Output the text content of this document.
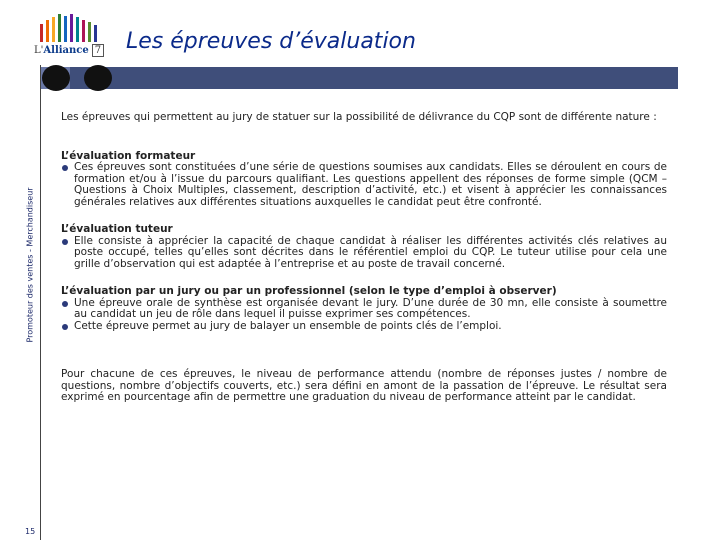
L'Alliance 7 Les épreuves d’évaluation
Promoteur des ventes - Merchandiseur
15

Les épreuves qui permettent au jury de statuer sur la possibilité de délivrance du CQP sont de différente nature :

L’évaluation formateur
Ces épreuves sont constituées d’une série de questions soumises aux candidats. Elles se déroulent en cours de formation et/ou à l’issue du parcours qualifiant. Les questions appellent des réponses de forme simple (QCM – Questions à Choix Multiples, classement, description d’activité, etc.) et visent à apprécier les connaissances générales relatives aux différentes situations auxquelles le candidat peut être confronté.
L’évaluation tuteur
Elle consiste à apprécier la capacité de chaque candidat à réaliser les différentes activités clés relatives au poste occupé, telles qu’elles sont décrites dans le référentiel emploi du CQP. Le tuteur utilise pour cela une grille d’observation qui est adaptée à l’entreprise et au poste de travail concerné.
L’évaluation par un jury ou par un professionnel (selon le type d’emploi à observer)
Une épreuve orale de synthèse est organisée devant le jury. D’une durée de 30 mn, elle consiste à soumettre au candidat un jeu de rôle dans lequel il puisse exprimer ses compétences.
Cette épreuve permet au jury de balayer un ensemble de points clés de l’emploi.

Pour chacune de ces épreuves, le niveau de performance attendu (nombre de réponses justes / nombre de questions, nombre d’objectifs couverts, etc.) sera défini en amont de la passation de l’épreuve. Le résultat sera exprimé en pourcentage afin de permettre une graduation du niveau de performance atteint par le candidat.
